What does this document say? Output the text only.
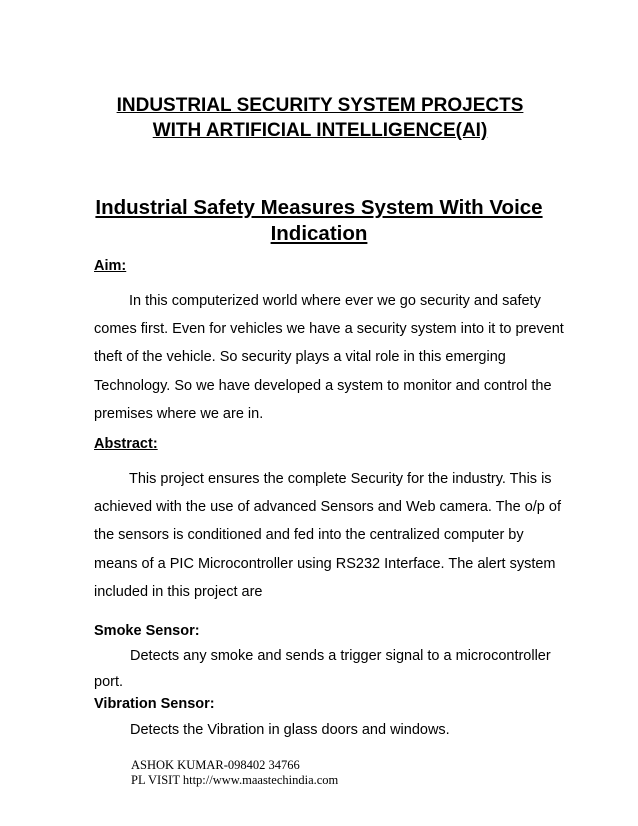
INDUSTRIAL SECURITY SYSTEM PROJECTS WITH ARTIFICIAL INTELLIGENCE(AI)
Industrial Safety Measures System With Voice Indication
Aim:

In this computerized world where ever we go security and safety comes first. Even for vehicles we have a security system into it to prevent theft of the vehicle. So security plays a vital role in this emerging Technology. So we have developed a system to monitor and control the premises where we are in.

Abstract:

This project ensures the complete Security for the industry. This is achieved with the use of advanced Sensors and Web camera. The o/p of the sensors is conditioned and fed into the centralized computer by means of a PIC Microcontroller using RS232 Interface. The alert system included in this project are

Smoke Sensor:

Detects any smoke and sends a trigger signal to a microcontroller port.

Vibration Sensor:

Detects the Vibration in glass doors and windows.

ASHOK KUMAR-098402 34766
PL VISIT http://www.maastechindia.com
